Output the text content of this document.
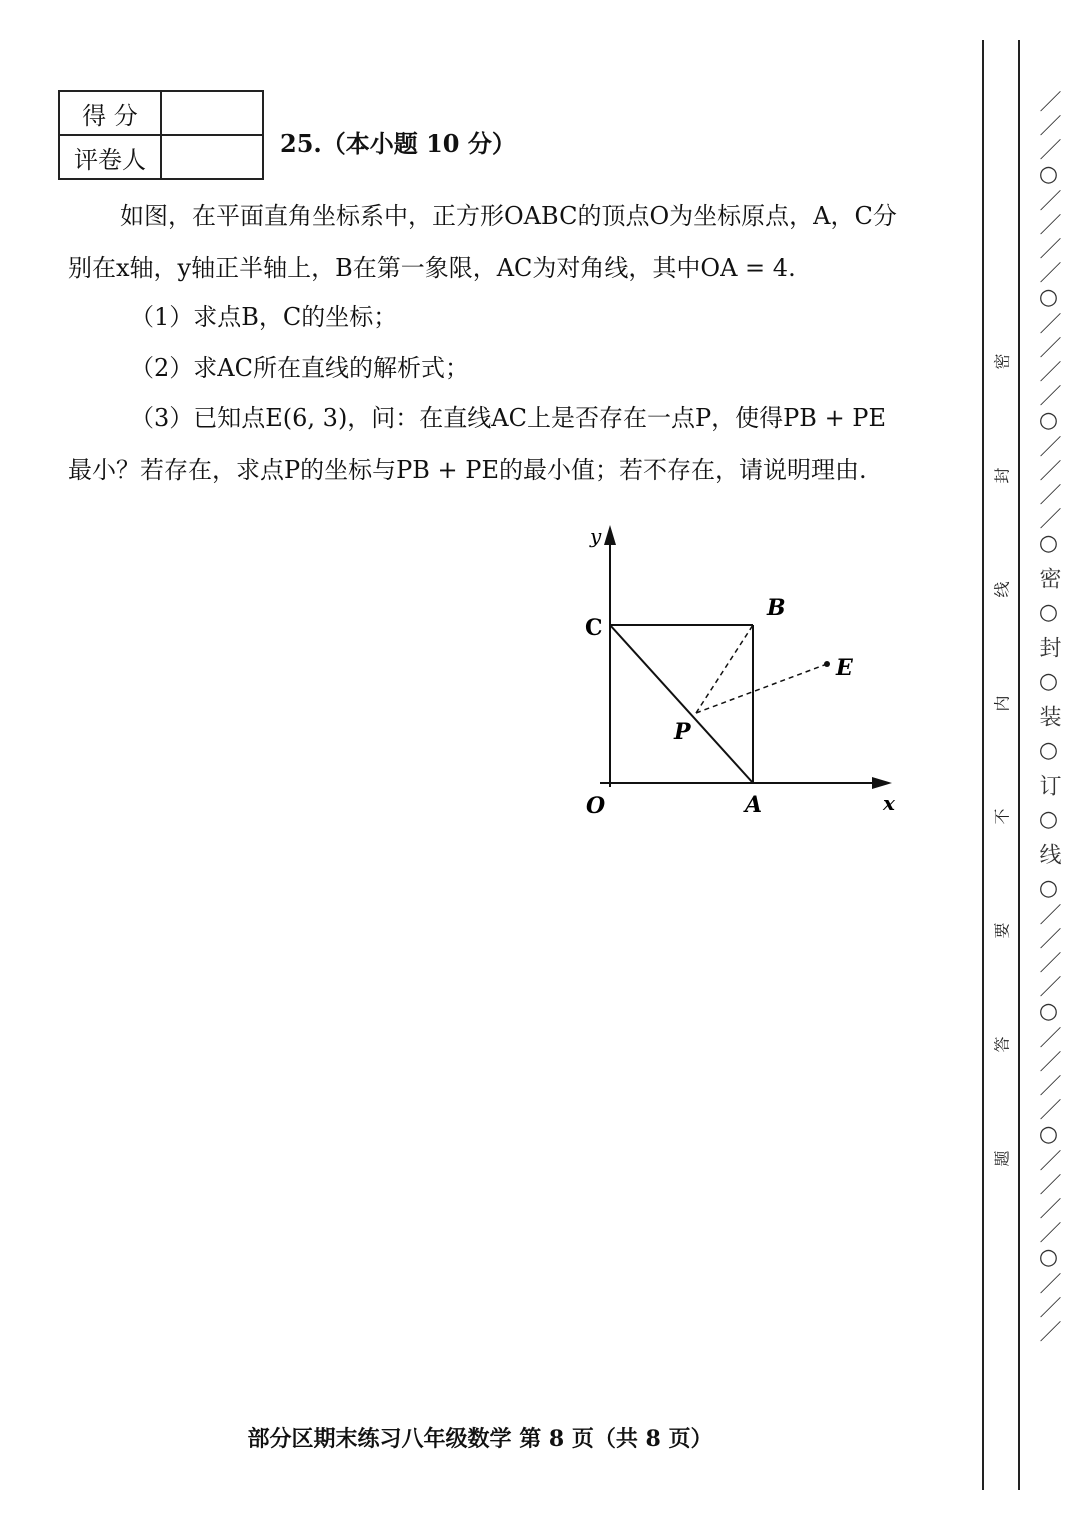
得 分	
评卷人	
25.（本小题 10 分）
如图，在平面直角坐标系中，正方形OABC的顶点O为坐标原点，A，C分别在x轴，y轴正半轴上，B在第一象限，AC为对角线，其中OA = 4.
（1）求点B，C的坐标；
（2）求AC所在直线的解析式；
（3）已知点E(6, 3)，问：在直线AC上是否存在一点P，使得PB + PE最小？若存在，求点P的坐标与PB + PE的最小值；若不存在，请说明理由.
y
x
C
B
E
P
O	A
部分区期末练习八年级数学 第 8 页（共 8 页）
密
封
线
内
不
要
答
题	／／／○／／／／○／／／／○／／／／○ 密 ○ 封 ○ 装 ○ 订 ○ 线 ○／／／／○／／／／○／／／／○／／／
